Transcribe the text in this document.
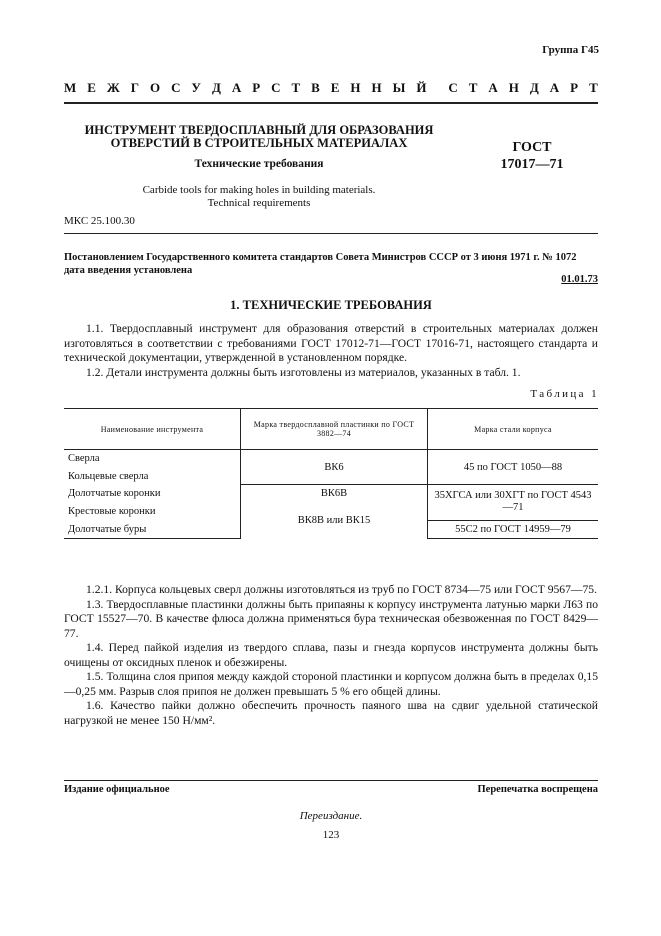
Группа Г45
М Е Ж Г О С У Д А Р С Т В Е Н Н Ы Й С Т А Н Д А Р Т
ИНСТРУМЕНТ ТВЕРДОСПЛАВНЫЙ ДЛЯ ОБРАЗОВАНИЯ
ОТВЕРСТИЙ В СТРОИТЕЛЬНЫХ МАТЕРИАЛАХ
Технические требования
Carbide tools for making holes in building materials.
Technical requirements
ГОСТ
17017—71
МКС 25.100.30
Постановлением Государственного комитета стандартов Совета Министров СССР от 3 июня 1971 г. № 1072
дата введения установлена
01.01.73
1. ТЕХНИЧЕСКИЕ ТРЕБОВАНИЯ

1.1. Твердосплавный инструмент для образования отверстий в строительных материалах должен изготовляться в соответствии с требованиями ГОСТ 17012-71—ГОСТ 17016-71, настоящего стандарта и технической документации, утвержденной в установленном порядке.

1.2. Детали инструмента должны быть изготовлены из материалов, указанных в табл. 1.

Таблица 1
Наименование инструмента	Марка твердосплавной пластинки по ГОСТ 3882—74	Марка стали корпуса
Сверла	ВК6	45 по ГОСТ 1050—88
Кольцевые сверла		
Долотчатые коронки	ВК6В	35ХГСА или 30ХГТ по ГОСТ 4543—71
Крестовые коронки	ВК8В или ВК15	
Долотчатые буры		55С2 по ГОСТ 14959—79

1.2.1. Корпуса кольцевых сверл должны изготовляться из труб по ГОСТ 8734—75 или ГОСТ 9567—75.

1.3. Твердосплавные пластинки должны быть припаяны к корпусу инструмента латунью марки Л63 по ГОСТ 15527—70. В качестве флюса должна применяться бура техническая обезвоженная по ГОСТ 8429—77.

1.4. Перед пайкой изделия из твердого сплава, пазы и гнезда корпусов инструмента должны быть очищены от оксидных пленок и обезжирены.

1.5. Толщина слоя припоя между каждой стороной пластинки и корпусом должна быть в пределах 0,15—0,25 мм. Разрыв слоя припоя не должен превышать 5 % его общей длины.

1.6. Качество пайки должно обеспечить прочность паяного шва на сдвиг удельной статической нагрузкой не менее 150 Н/мм².

Издание официальное	Перепечатка воспрещена
Переиздание.
123
